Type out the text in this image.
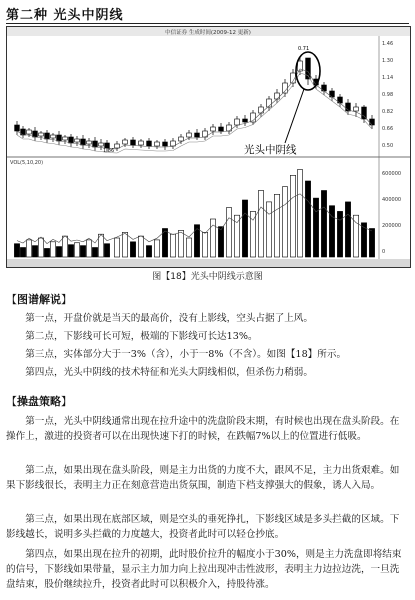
第二种 光头中阴线
中信证券 生成时间(2009-12 更新)
光头中阴线
1.86
0.71
1.46
1.30
1.14
0.98
0.82
0.66
0.50
VOL(5,10,20)
600000
400000
200000
0
图【18】光头中阴线示意图
【图谱解说】
第一点，开盘价就是当天的最高价，没有上影线，空头占据了上风。
第二点，下影线可长可短，极端的下影线可长达13%。
第三点，实体部分大于一3%（含），小于一8%（不含）。如图【18】所示。
第四点，光头中阴线的技术特征和光头大阴线相似，但杀伤力稍弱。
【操盘策略】
第一点，光头中阴线通常出现在拉升途中的洗盘阶段末期，有时候也出现在盘头阶段。在操作上，激进的投资者可以在出现快速下打的时候，在跌幅7%以上的位置进行低吸。
第二点，如果出现在盘头阶段，则是主力出货的力度不大，跟风不足，主力出货艰难。如果下影线很长，表明主力正在刻意营造出货氛围，制造下档支撑强大的假象，诱人入局。
第三点，如果出现在底部区域，则是空头的垂死挣扎，下影线区域是多头拦截的区域。下影线越长，说明多头拦截的力度越大，投资者此时可以轻仓抄底。
第四点，如果出现在拉升的初期，此时股价拉升的幅度小于30%，则是主力洗盘即将结束的信号，下影线如果带量，显示主力加力向上拉出现冲击性波形，表明主力边拉边洗，一旦洗盘结束，股价继续拉升，投资者此时可以积极介入，持股待涨。
